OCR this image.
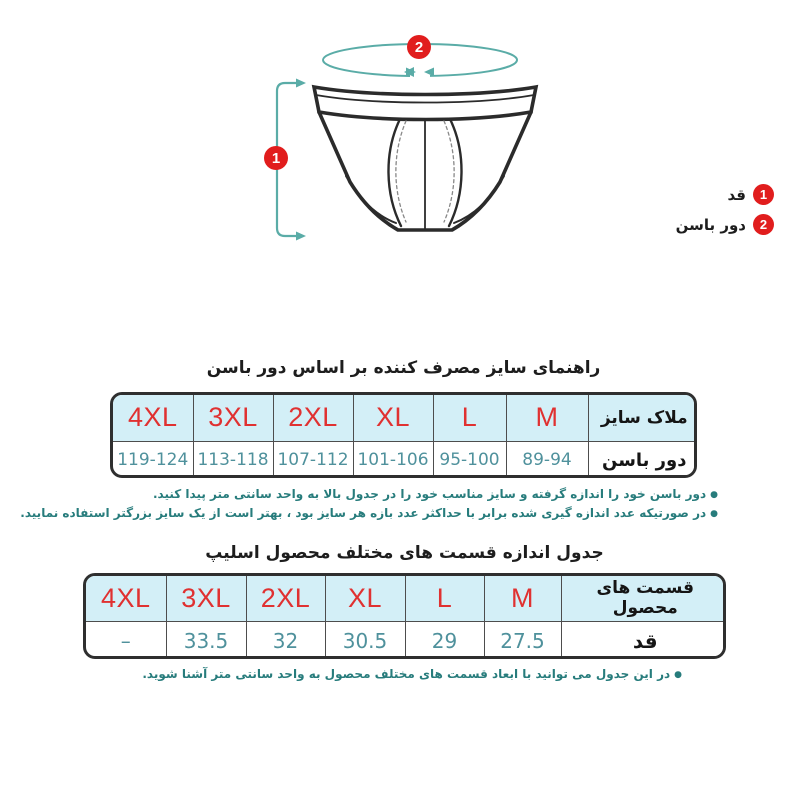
1
2
1
قد
2
دور باسن
راهنمای سایز مصرف کننده بر اساس دور باسن
4XL	3XL	2XL	XL	L	M	ملاک سایز
119-124	113-118	107-112	101-106	95-100	89-94	دور باسن
●دور باسن خود را اندازه گرفته و سایز مناسب خود را در جدول بالا به واحد سانتی متر پیدا کنید.
●در صورتیکه عدد اندازه گیری شده برابر با حداکثر عدد بازه هر سایز بود ، بهتر است از یک سایز بزرگتر استفاده نمایید.
جدول اندازه قسمت های مختلف محصول اسلیپ
4XL	3XL	2XL	XL	L	M	قسمت های محصول
–	33.5	32	30.5	29	27.5	قد
●در این جدول می توانید با ابعاد قسمت های مختلف محصول به واحد سانتی متر آشنا شوید.
